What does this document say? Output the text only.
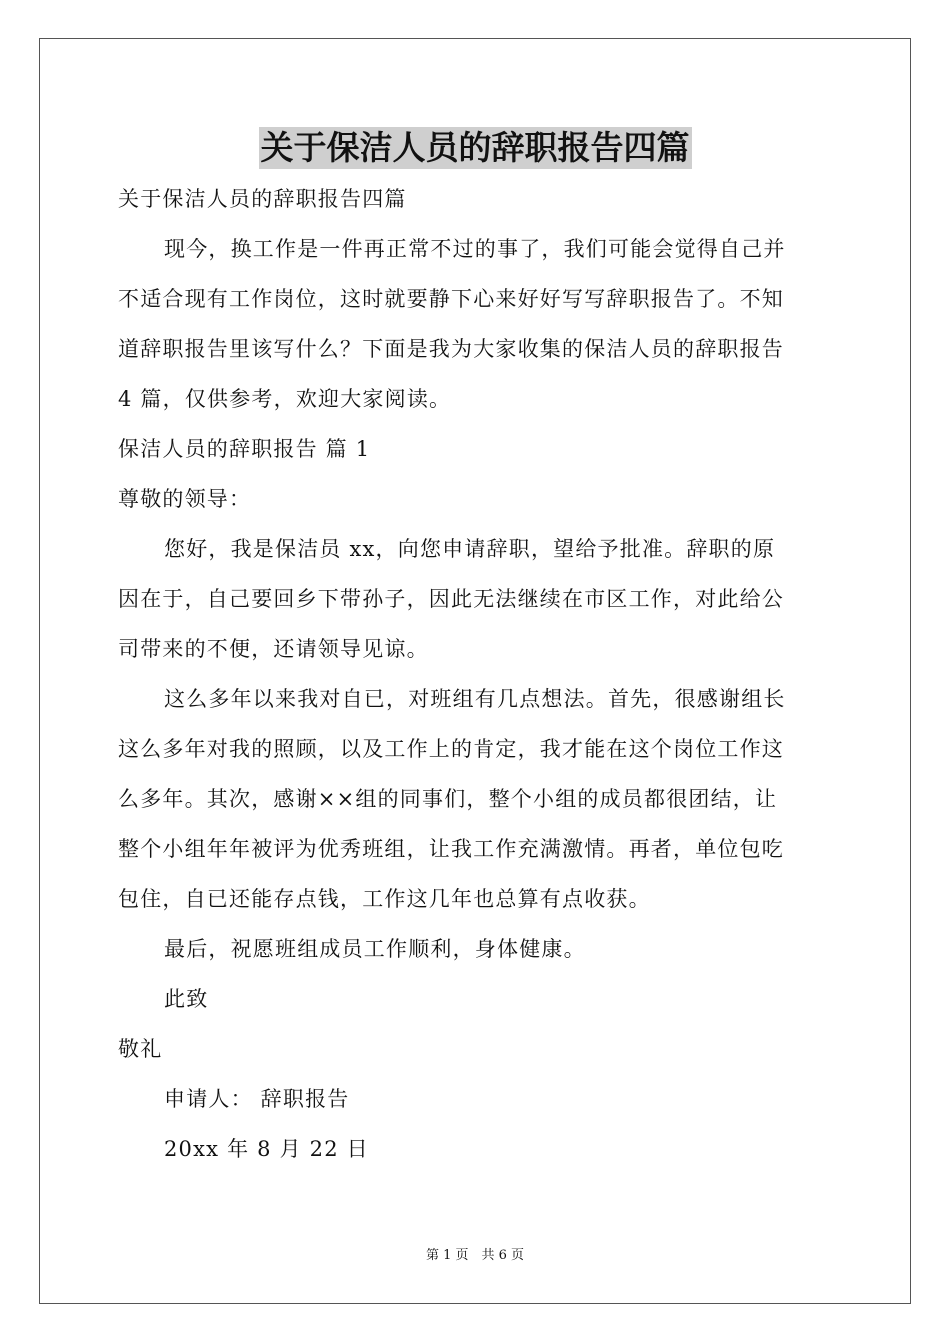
关于保洁人员的辞职报告四篇
关于保洁人员的辞职报告四篇
现今，换工作是一件再正常不过的事了，我们可能会觉得自己并
不适合现有工作岗位，这时就要静下心来好好写写辞职报告了。不知
道辞职报告里该写什么？下面是我为大家收集的保洁人员的辞职报告
4 篇，仅供参考，欢迎大家阅读。
保洁人员的辞职报告 篇 1
尊敬的领导：
您好，我是保洁员 xx，向您申请辞职，望给予批准。辞职的原
因在于，自己要回乡下带孙子，因此无法继续在市区工作，对此给公
司带来的不便，还请领导见谅。
这么多年以来我对自已，对班组有几点想法。首先，很感谢组长
这么多年对我的照顾，以及工作上的肯定，我才能在这个岗位工作这
么多年。其次，感谢××组的同事们，整个小组的成员都很团结，让
整个小组年年被评为优秀班组，让我工作充满激情。再者，单位包吃
包住，自已还能存点钱，工作这几年也总算有点收获。
最后，祝愿班组成员工作顺利，身体健康。
此致
敬礼
申请人： 辞职报告
20xx 年 8 月 22 日
第 1 页　共 6 页
